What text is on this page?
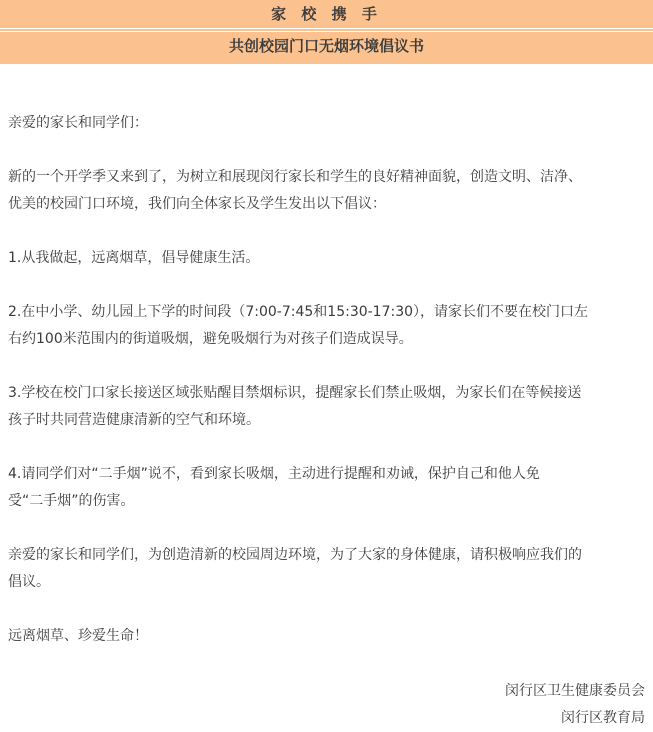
家 校 携 手
共创校园门口无烟环境倡议书

亲爱的家长和同学们：

新的一个开学季又来到了，为树立和展现闵行家长和学生的良好精神面貌，创造文明、洁净、
优美的校园门口环境，我们向全体家长及学生发出以下倡议：

1.从我做起，远离烟草，倡导健康生活。

2.在中小学、幼儿园上下学的时间段（7:00-7:45和15:30-17:30），请家长们不要在校门口左
右约100米范围内的街道吸烟，避免吸烟行为对孩子们造成误导。

3.学校在校门口家长接送区域张贴醒目禁烟标识，提醒家长们禁止吸烟，为家长们在等候接送
孩子时共同营造健康清新的空气和环境。

4.请同学们对“二手烟”说不，看到家长吸烟，主动进行提醒和劝诫，保护自己和他人免
受“二手烟”的伤害。

亲爱的家长和同学们，为创造清新的校园周边环境，为了大家的身体健康，请积极响应我们的
倡议。

远离烟草、珍爱生命！

闵行区卫生健康委员会
闵行区教育局
